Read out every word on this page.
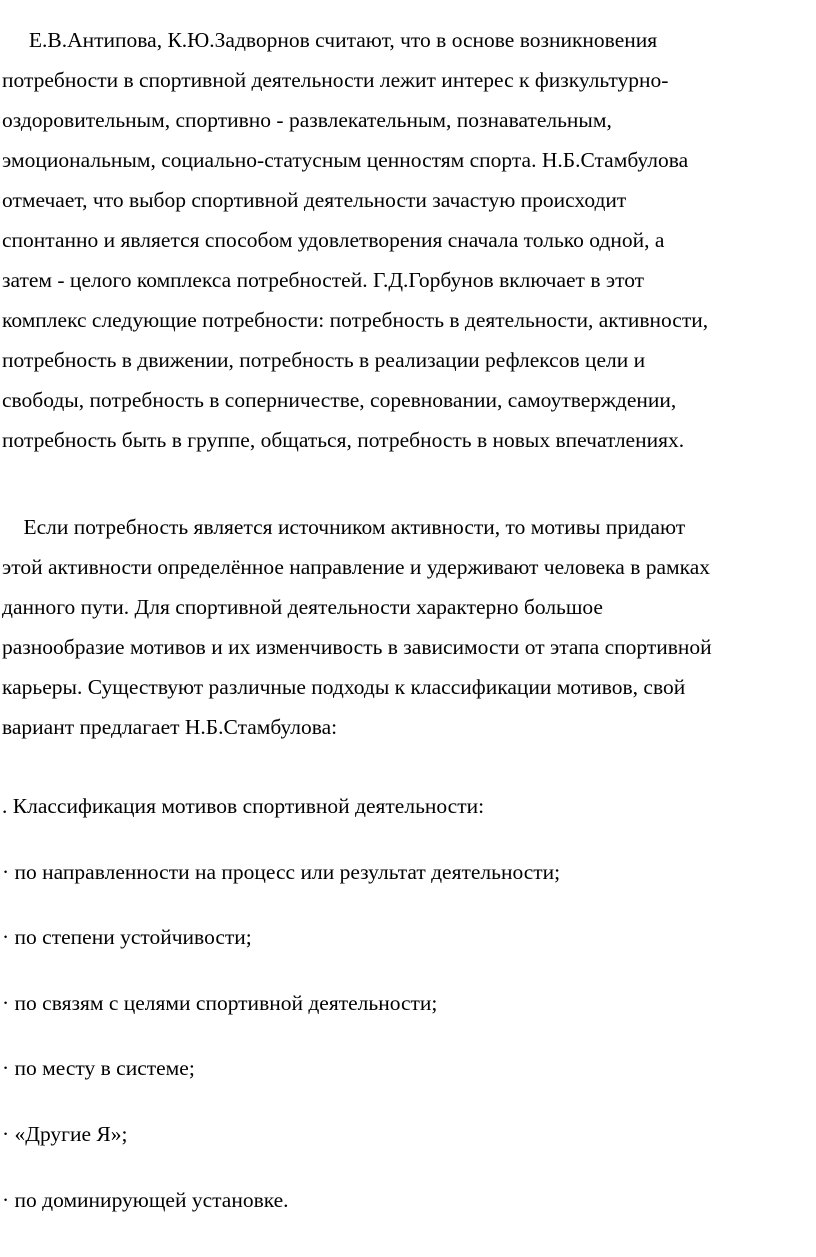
Е.В.Антипова, К.Ю.Задворнов считают, что в основе возникновения
потребности в спортивной деятельности лежит интерес к физкультурно-
оздоровительным, спортивно - развлекательным, познавательным,
эмоциональным, социально-статусным ценностям спорта. Н.Б.Стамбулова
отмечает, что выбор спортивной деятельности зачастую происходит
спонтанно и является способом удовлетворения сначала только одной, а
затем - целого комплекса потребностей. Г.Д.Горбунов включает в этот
комплекс следующие потребности: потребность в деятельности, активности,
потребность в движении, потребность в реализации рефлексов цели и
свободы, потребность в соперничестве, соревновании, самоутверждении,
потребность быть в группе, общаться, потребность в новых впечатлениях.

Если потребность является источником активности, то мотивы придают
этой активности определённое направление и удерживают человека в рамках
данного пути. Для спортивной деятельности характерно большое
разнообразие мотивов и их изменчивость в зависимости от этапа спортивной
карьеры. Существуют различные подходы к классификации мотивов, свой
вариант предлагает Н.Б.Стамбулова:

. Классификация мотивов спортивной деятельности:

· по направленности на процесс или результат деятельности;

· по степени устойчивости;

· по связям с целями спортивной деятельности;

· по месту в системе;

· «Другие Я»;

· по доминирующей установке.
